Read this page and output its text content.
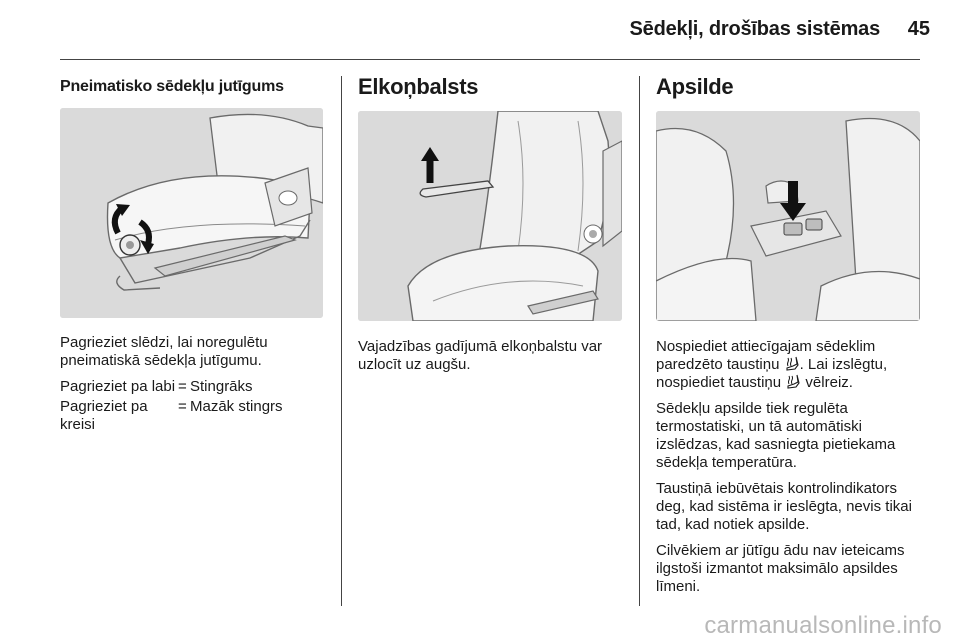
Sēdekļi, drošības sistēmas	45
Pneimatisko sēdekļu jutīgums

Pagrieziet slēdzi, lai noregulētu pneimatiskā sēdekļa jutīgumu.

Pagrieziet pa labi	=	Stingrāks
Pagrieziet pa kreisi	=	Mazāk stingrs
Elkoņbalsts

Vajadzības gadījumā elkoņbalstu var uzlocīt uz augšu.

Apsilde

Nospiediet attiecīgajam sēdeklim paredzēto taustiņu . Lai izslēgtu, nospiediet taustiņu  vēlreiz.

Sēdekļu apsilde tiek regulēta termostatiski, un tā automātiski izslēdzas, kad sasniegta pietiekama sēdekļa temperatūra.

Taustiņā iebūvētais kontrolindikators deg, kad sistēma ir ieslēgta, nevis tikai tad, kad notiek apsilde.

Cilvēkiem ar jūtīgu ādu nav ieteicams ilgstoši izmantot maksimālo apsildes līmeni.

carmanualsonline.info
